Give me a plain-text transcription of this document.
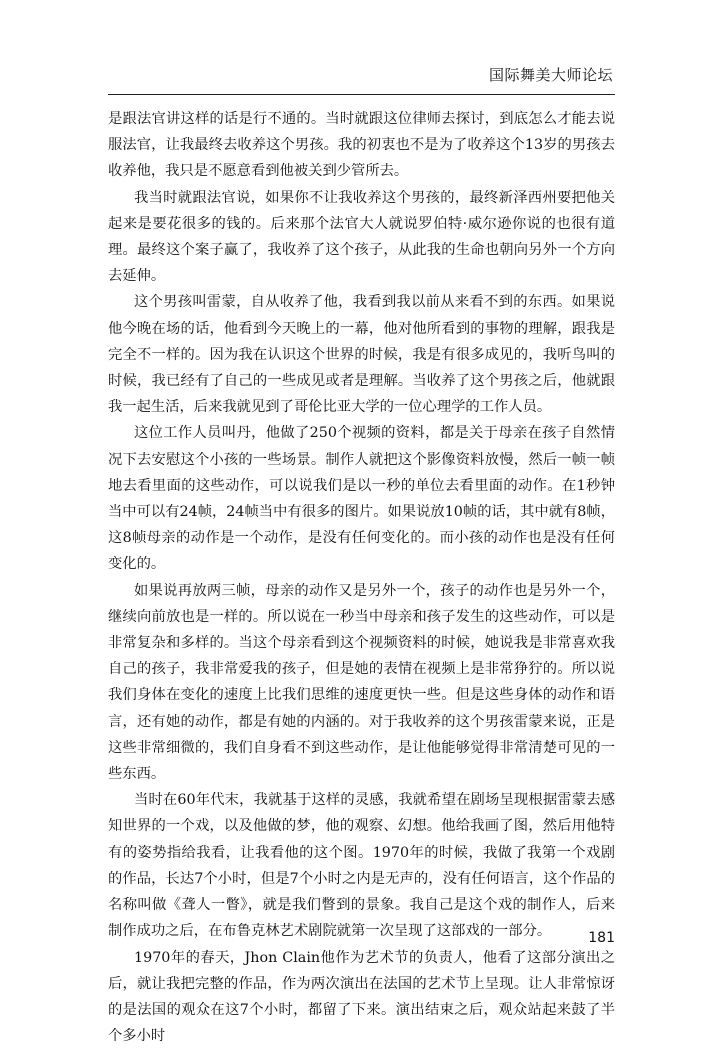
国际舞美大师论坛

是跟法官讲这样的话是行不通的。当时就跟这位律师去探讨，到底怎么才能去说服法官，让我最终去收养这个男孩。我的初衷也不是为了收养这个13岁的男孩去收养他，我只是不愿意看到他被关到少管所去。

我当时就跟法官说，如果你不让我收养这个男孩的，最终新泽西州要把他关起来是要花很多的钱的。后来那个法官大人就说罗伯特·威尔逊你说的也很有道理。最终这个案子赢了，我收养了这个孩子，从此我的生命也朝向另外一个方向去延伸。

这个男孩叫雷蒙，自从收养了他，我看到我以前从来看不到的东西。如果说他今晚在场的话，他看到今天晚上的一幕，他对他所看到的事物的理解，跟我是完全不一样的。因为我在认识这个世界的时候，我是有很多成见的，我听鸟叫的时候，我已经有了自己的一些成见或者是理解。当收养了这个男孩之后，他就跟我一起生活，后来我就见到了哥伦比亚大学的一位心理学的工作人员。

这位工作人员叫丹，他做了250个视频的资料，都是关于母亲在孩子自然情况下去安慰这个小孩的一些场景。制作人就把这个影像资料放慢，然后一帧一帧地去看里面的这些动作，可以说我们是以一秒的单位去看里面的动作。在1秒钟当中可以有24帧，24帧当中有很多的图片。如果说放10帧的话，其中就有8帧，这8帧母亲的动作是一个动作，是没有任何变化的。而小孩的动作也是没有任何变化的。

如果说再放两三帧，母亲的动作又是另外一个，孩子的动作也是另外一个，继续向前放也是一样的。所以说在一秒当中母亲和孩子发生的这些动作，可以是非常复杂和多样的。当这个母亲看到这个视频资料的时候，她说我是非常喜欢我自己的孩子，我非常爱我的孩子，但是她的表情在视频上是非常狰狞的。所以说我们身体在变化的速度上比我们思维的速度更快一些。但是这些身体的动作和语言，还有她的动作，都是有她的内涵的。对于我收养的这个男孩雷蒙来说，正是这些非常细微的，我们自身看不到这些动作，是让他能够觉得非常清楚可见的一些东西。

当时在60年代末，我就基于这样的灵感，我就希望在剧场呈现根据雷蒙去感知世界的一个戏，以及他做的梦，他的观察、幻想。他给我画了图，然后用他特有的姿势指给我看，让我看他的这个图。1970年的时候，我做了我第一个戏剧的作品，长达7个小时，但是7个小时之内是无声的，没有任何语言，这个作品的名称叫做《聋人一瞥》，就是我们瞥到的景象。我自己是这个戏的制作人，后来制作成功之后，在布鲁克林艺术剧院就第一次呈现了这部戏的一部分。

1970年的春天，Jhon Clain他作为艺术节的负责人，他看了这部分演出之后，就让我把完整的作品，作为两次演出在法国的艺术节上呈现。让人非常惊讶的是法国的观众在这7个小时，都留了下来。演出结束之后，观众站起来鼓了半个多小时

181
